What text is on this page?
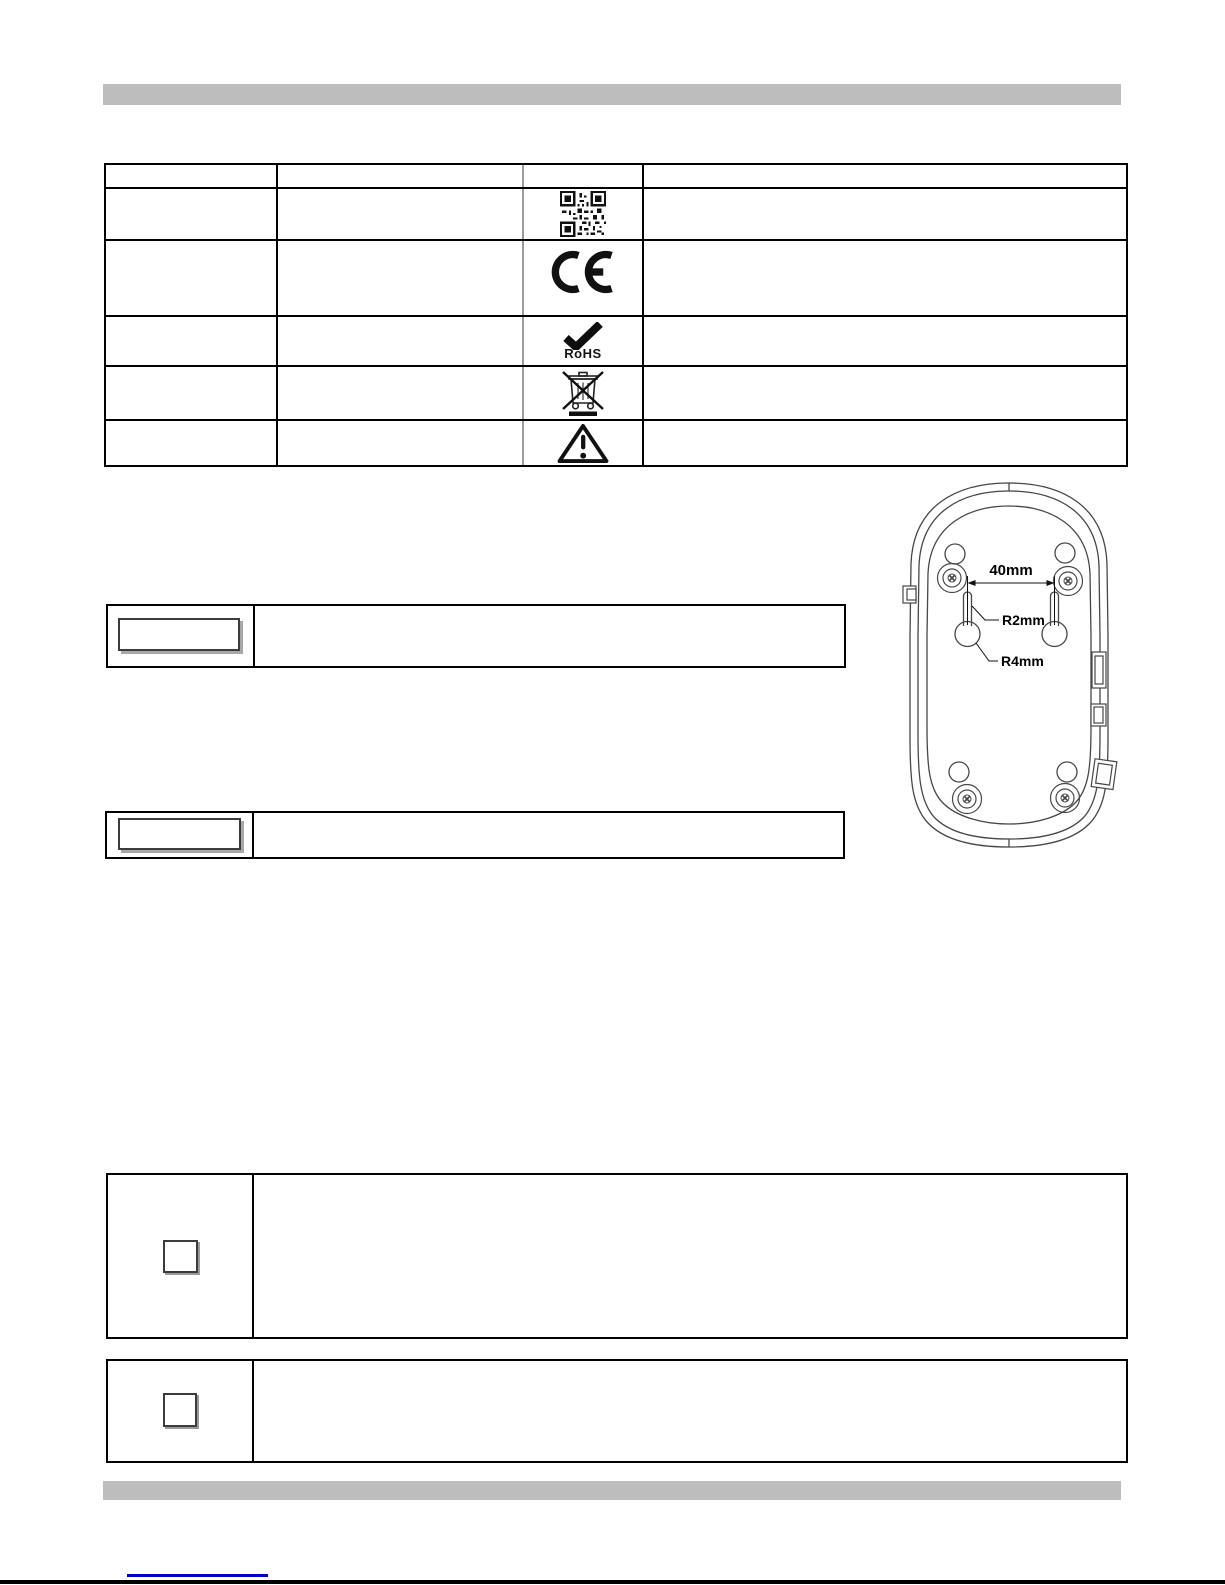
RoHS
40mm
R2mm
R4mm
